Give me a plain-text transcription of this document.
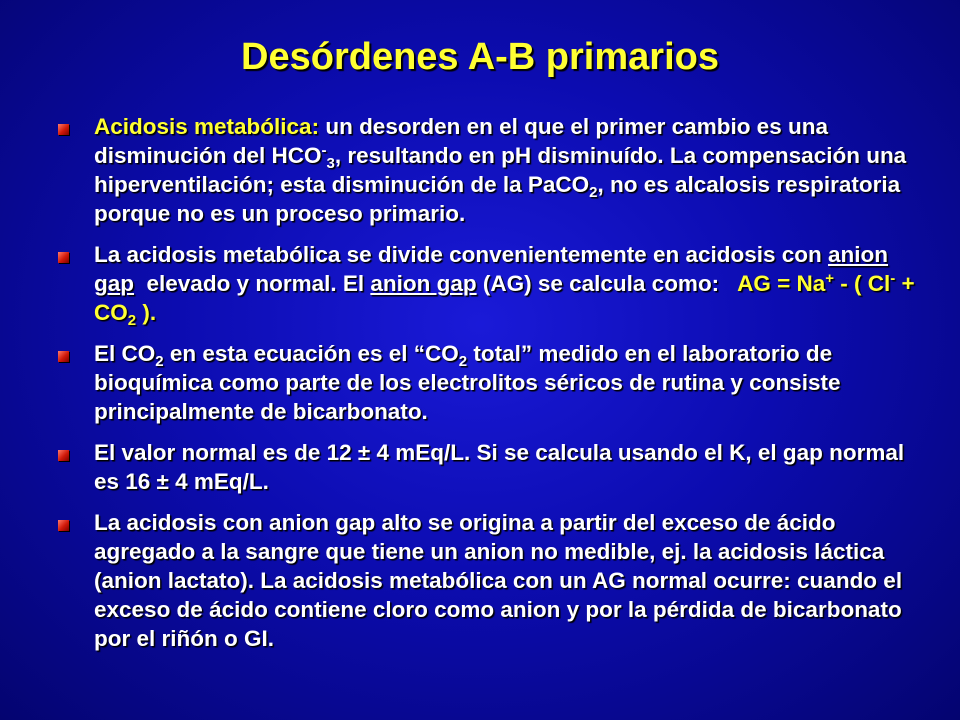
Desórdenes A-B primarios
Acidosis metabólica: un desorden en el que el primer cambio es una disminución del $HCO^-_3$, resultando en pH disminuído. La compensación una hiperventilación; esta disminución de la PaCO$_2$, no es alcalosis respiratoria porque no es un proceso primario.
La acidosis metabólica se divide convenientemente en acidosis con anion gap  elevado y normal. El anion gap (AG) se calcula como:   AG = Na+ - ( $Cl^- + CO_2$ ).
El $CO_2$ en esta ecuación es el “$CO_2$ total” medido en el laboratorio de bioquímica como parte de los electrolitos séricos de rutina y consiste principalmente de bicarbonato.
El valor normal es de 12 ± 4 mEq/L. Si se calcula usando el K, el gap normal es 16 ± 4 mEq/L.
La acidosis con anion gap alto se origina a partir del exceso de ácido agregado a la sangre que tiene un anion no medible, ej. la acidosis láctica (anion lactato). La acidosis metabólica con un AG normal ocurre: cuando el exceso de ácido contiene cloro como anion y por la pérdida de bicarbonato por el riñón o GI.
